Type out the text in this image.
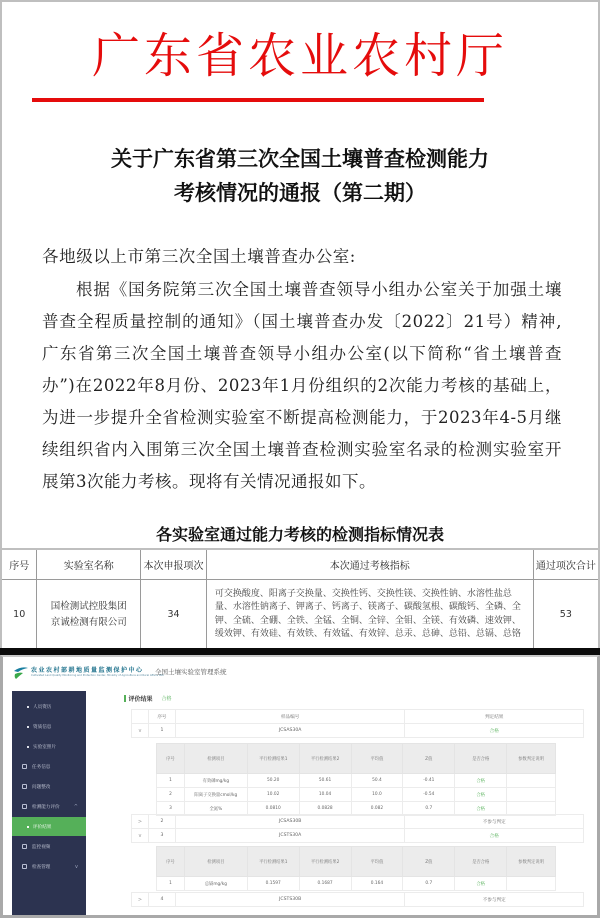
广东省农业农村厅
关于广东省第三次全国土壤普查检测能力
考核情况的通报（第二期）
各地级以上市第三次全国土壤普查办公室:
根据《国务院第三次全国土壤普查领导小组办公室关于加强土壤普查全程质量控制的通知》（国土壤普查办发〔2022〕21号）精神,广东省第三次全国土壤普查领导小组办公室(以下简称“省土壤普查办”)在2022年8月份、2023年1月份组织的2次能力考核的基础上，为进一步提升全省检测实验室不断提高检测能力，于2023年4-5月继续组织省内入围第三次全国土壤普查检测实验室名录的检测实验室开展第3次能力考核。现将有关情况通报如下。
各实验室通过能力考核的检测指标情况表
序号	实验室名称	本次申报项次	本次通过考核指标	通过项次合计
10	国检测试控股集团京诚检测有限公司	34	可交换酸度、阳离子交换量、交换性钙、交换性镁、交换性钠、水溶性盐总量、水溶性钠离子、钾离子、钙离子、镁离子、碳酸氢根、碳酸钙、全磷、全钾、全硫、全硼、全铁、全锰、全铜、全锌、全钼、全镁、有效磷、速效钾、缓效钾、有效硅、有效铁、有效锰、有效锌、总汞、总砷、总铅、总镉、总铬	53
农业农村部耕地质量监测保护中心
Cultivated Land Quality Monitoring and Protection Center, Ministry of Agriculture and Rural Affairs PRC
全国土壤实验室管理系统
人员资历
资质信息
实验室照片
任务信息
问题整改
检测能力评价	^
评价结果
监控视频
检查管理	v
评价结果 合格
	序号	样品编号	判定结果
v	1	JCSAS30A	合格
序号	检测项目	平行检测结果1	平行检测结果2	平均值	Z值	是否合格	参数判定说明
1	有效磷mg/kg	50.20	50.61	50.4	-0.41	合格	
2	阳离子交换量cmol/kg	10.02	10.04	10.0	-0.54	合格	
3	全氮%	0.0810	0.0828	0.082	0.7	合格	
>	2	JCSAS30B	不参与判定
v	3	JCSTS30A	合格
序号	检测项目	平行检测结果1	平行检测结果2	平均值	Z值	是否合格	参数判定说明
1	总镉mg/kg	0.1597	0.1687	0.164	0.7	合格	
>	4	JCSTS30B	不参与判定
